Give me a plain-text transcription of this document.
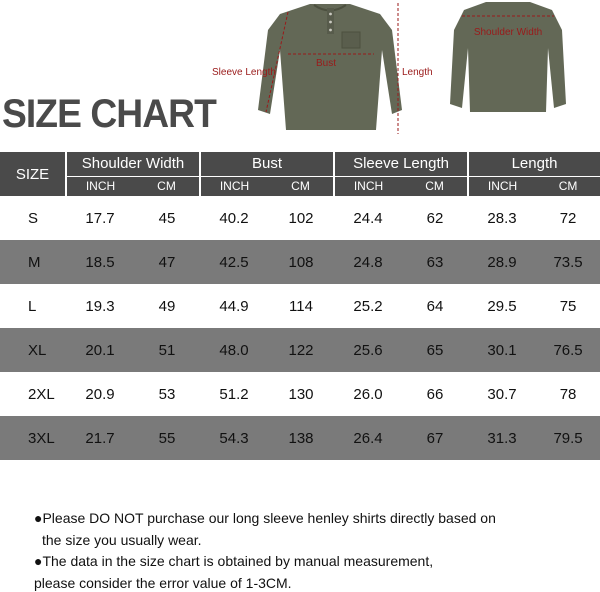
SIZE CHART
Bust
Sleeve Length	Length
Shoulder Width
SIZE	Shoulder Width		Bust		Sleeve Length		Length	
	INCH	CM	INCH	CM	INCH	CM	INCH	CM
S	17.7	45	40.2	102	24.4	62	28.3	72
M	18.5	47	42.5	108	24.8	63	28.9	73.5
L	19.3	49	44.9	114	25.2	64	29.5	75
XL	20.1	51	48.0	122	25.6	65	30.1	76.5
2XL	20.9	53	51.2	130	26.0	66	30.7	78
3XL	21.7	55	54.3	138	26.4	67	31.3	79.5

●Please DO NOT purchase our long sleeve henley shirts directly based on

the size you usually wear.

●The data in the size chart is obtained by manual measurement,

please consider the error value of 1-3CM.
